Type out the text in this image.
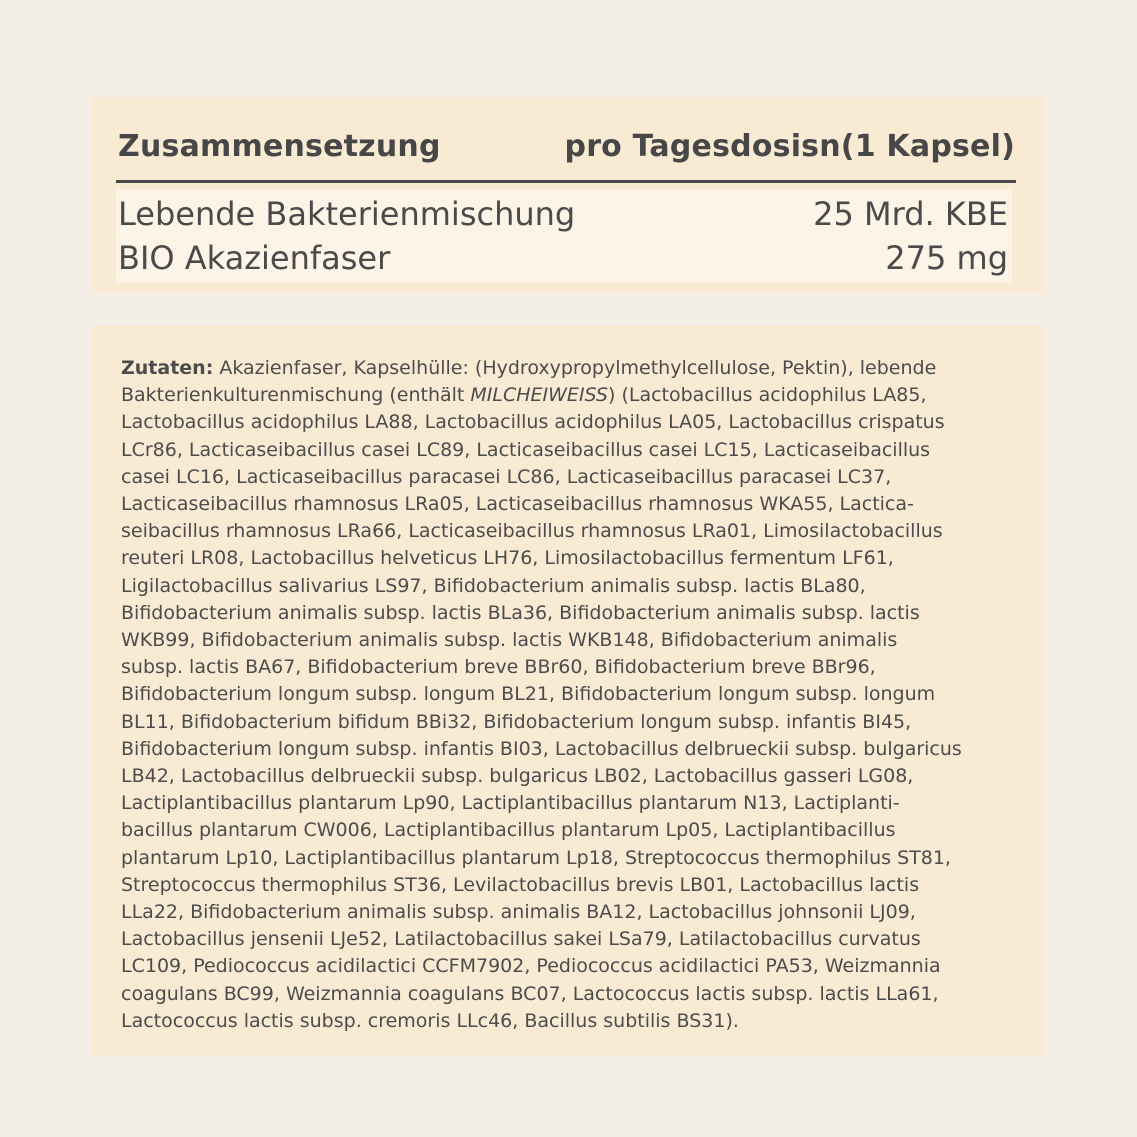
Zusammensetzung	pro Tagesdosisn(1 Kapsel)
Lebende Bakterienmischung	25 Mrd. KBE
BIO Akazienfaser	275 mg
Zutaten: Akazienfaser, Kapselhülle: (Hydroxypropylmethylcellulose, Pektin), lebende
Bakterienkulturenmischung (enthält MILCHEIWEISS) (Lactobacillus acidophilus LA85,
Lactobacillus acidophilus LA88, Lactobacillus acidophilus LA05, Lactobacillus crispatus
LCr86, Lacticaseibacillus casei LC89, Lacticaseibacillus casei LC15, Lacticaseibacillus
casei LC16, Lacticaseibacillus paracasei LC86, Lacticaseibacillus paracasei LC37,
Lacticaseibacillus rhamnosus LRa05, Lacticaseibacillus rhamnosus WKA55, Lactica-
seibacillus rhamnosus LRa66, Lacticaseibacillus rhamnosus LRa01, Limosilactobacillus
reuteri LR08, Lactobacillus helveticus LH76, Limosilactobacillus fermentum LF61,
Ligilactobacillus salivarius LS97, Bifidobacterium animalis subsp. lactis BLa80,
Bifidobacterium animalis subsp. lactis BLa36, Bifidobacterium animalis subsp. lactis
WKB99, Bifidobacterium animalis subsp. lactis WKB148, Bifidobacterium animalis
subsp. lactis BA67, Bifidobacterium breve BBr60, Bifidobacterium breve BBr96,
Bifidobacterium longum subsp. longum BL21, Bifidobacterium longum subsp. longum
BL11, Bifidobacterium bifidum BBi32, Bifidobacterium longum subsp. infantis BI45,
Bifidobacterium longum subsp. infantis BI03, Lactobacillus delbrueckii subsp. bulgaricus
LB42, Lactobacillus delbrueckii subsp. bulgaricus LB02, Lactobacillus gasseri LG08,
Lactiplantibacillus plantarum Lp90, Lactiplantibacillus plantarum N13, Lactiplanti-
bacillus plantarum CW006, Lactiplantibacillus plantarum Lp05, Lactiplantibacillus
plantarum Lp10, Lactiplantibacillus plantarum Lp18, Streptococcus thermophilus ST81,
Streptococcus thermophilus ST36, Levilactobacillus brevis LB01, Lactobacillus lactis
LLa22, Bifidobacterium animalis subsp. animalis BA12, Lactobacillus johnsonii LJ09,
Lactobacillus jensenii LJe52, Latilactobacillus sakei LSa79, Latilactobacillus curvatus
LC109, Pediococcus acidilactici CCFM7902, Pediococcus acidilactici PA53, Weizmannia
coagulans BC99, Weizmannia coagulans BC07, Lactococcus lactis subsp. lactis LLa61,
Lactococcus lactis subsp. cremoris LLc46, Bacillus subtilis BS31).
